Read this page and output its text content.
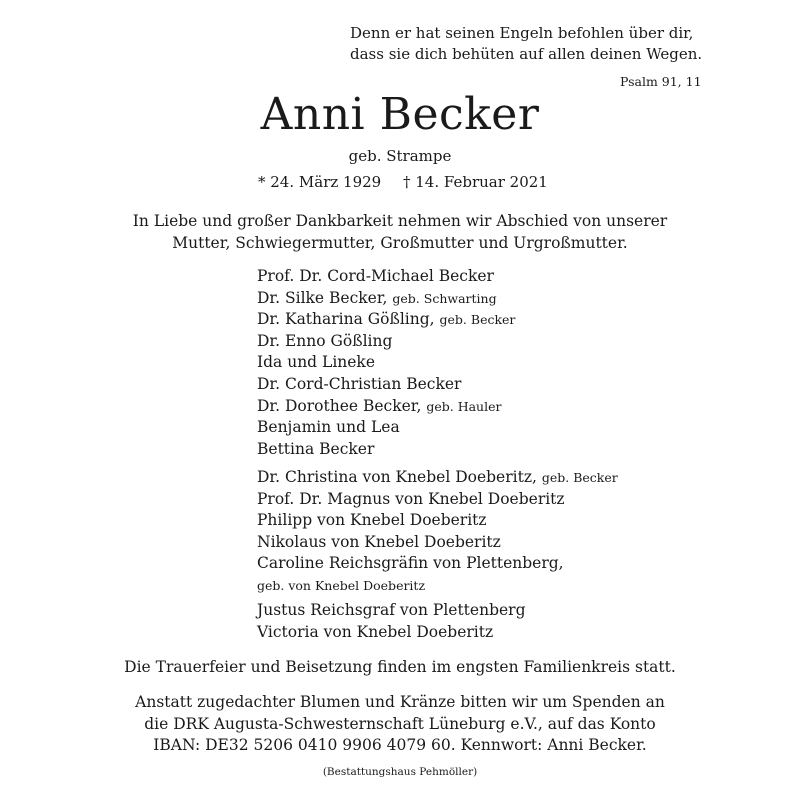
Denn er hat seinen Engeln befohlen über dir,
dass sie dich behüten auf allen deinen Wegen.
Psalm 91, 11
Anni Becker
geb. Strampe
* 24. März 1929 † 14. Februar 2021
In Liebe und großer Dankbarkeit nehmen wir Abschied von unserer
Mutter, Schwiegermutter, Großmutter und Urgroßmutter.
Prof. Dr. Cord-Michael Becker
Dr. Silke Becker, geb. Schwarting
Dr. Katharina Gößling, geb. Becker
Dr. Enno Gößling
Ida und Lineke
Dr. Cord-Christian Becker
Dr. Dorothee Becker, geb. Hauler
Benjamin und Lea
Bettina Becker
Dr. Christina von Knebel Doeberitz, geb. Becker
Prof. Dr. Magnus von Knebel Doeberitz
Philipp von Knebel Doeberitz
Nikolaus von Knebel Doeberitz
Caroline Reichsgräfin von Plettenberg,
geb. von Knebel Doeberitz
Justus Reichsgraf von Plettenberg
Victoria von Knebel Doeberitz
Die Trauerfeier und Beisetzung finden im engsten Familienkreis statt.
Anstatt zugedachter Blumen und Kränze bitten wir um Spenden an
die DRK Augusta-Schwesternschaft Lüneburg e.V., auf das Konto
IBAN: DE32 5206 0410 9906 4079 60. Kennwort: Anni Becker.
(Bestattungshaus Pehmöller)
